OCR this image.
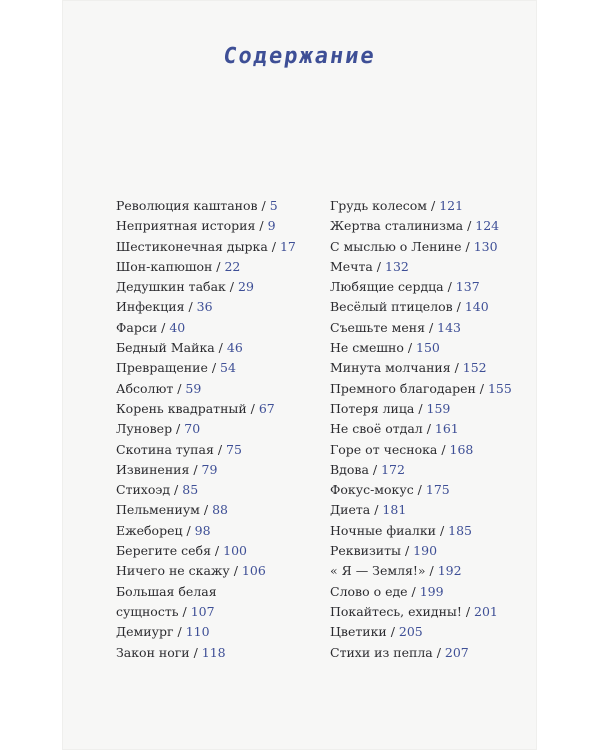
Содержание
Революция каштанов / 5
Неприятная история / 9
Шестиконечная дырка / 17
Шон-капюшон / 22
Дедушкин табак / 29
Инфекция / 36
Фарси / 40
Бедный Майка / 46
Превращение / 54
Абсолют / 59
Корень квадратный / 67
Луновер / 70
Скотина тупая / 75
Извинения / 79
Стихоэд / 85
Пельмениум / 88
Ежеборец / 98
Берегите себя / 100
Ничего не скажу / 106
Большая белая
сущность / 107
Демиург / 110
Закон ноги / 118
Грудь колесом / 121
Жертва сталинизма / 124
С мыслью о Ленине / 130
Мечта / 132
Любящие сердца / 137
Весёлый птицелов / 140
Съешьте меня / 143
Не смешно / 150
Минута молчания / 152
Премного благодарен / 155
Потеря лица / 159
Не своё отдал / 161
Горе от чеснока / 168
Вдова / 172
Фокус-мокус / 175
Диета / 181
Ночные фиалки / 185
Реквизиты / 190
« Я — Земля!» / 192
Слово о еде / 199
Покайтесь, ехидны! / 201
Цветики / 205
Стихи из пепла / 207
